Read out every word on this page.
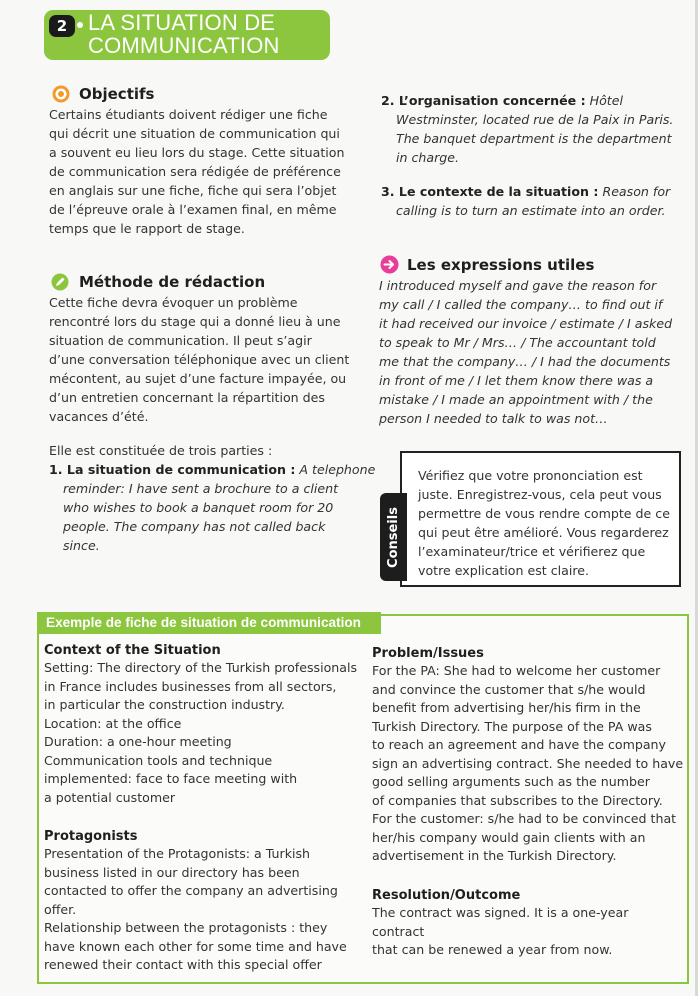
2 LA SITUATION DE
COMMUNICATION
Objectifs
Certains étudiants doivent rédiger une fiche
qui décrit une situation de communication qui
a souvent eu lieu lors du stage. Cette situation
de communication sera rédigée de préférence
en anglais sur une fiche, fiche qui sera l’objet
de l’épreuve orale à l’examen final, en même
temps que le rapport de stage.
Méthode de rédaction
Cette fiche devra évoquer un problème
rencontré lors du stage qui a donné lieu à une
situation de communication. Il peut s’agir
d’une conversation téléphonique avec un client
mécontent, au sujet d’une facture impayée, ou
d’un entretien concernant la répartition des
vacances d’été.
Elle est constituée de trois parties :
1. La situation de communication : A telephone
reminder: I have sent a brochure to a client
who wishes to book a banquet room for 20
people. The company has not called back
since.
2. L’organisation concernée : Hôtel
Westminster, located rue de la Paix in Paris.
The banquet department is the department
in charge.
3. Le contexte de la situation : Reason for
calling is to turn an estimate into an order.
Les expressions utiles
I introduced myself and gave the reason for
my call / I called the company… to find out if
it had received our invoice / estimate / I asked
to speak to Mr / Mrs… / The accountant told
me that the company… / I had the documents
in front of me / I let them know there was a
mistake / I made an appointment with / the
person I needed to talk to was not…
Conseils
Vérifiez que votre prononciation est
juste. Enregistrez-vous, cela peut vous
permettre de vous rendre compte de ce
qui peut être amélioré. Vous regarderez
l’examinateur/trice et vérifierez que
votre explication est claire.
Exemple de fiche de situation de communication
Context of the Situation
Setting: The directory of the Turkish professionals
in France includes businesses from all sectors,
in particular the construction industry.
Location: at the office
Duration: a one-hour meeting
Communication tools and technique
implemented: face to face meeting with
a potential customer
Protagonists
Presentation of the Protagonists: a Turkish
business listed in our directory has been
contacted to offer the company an advertising
offer.
Relationship between the protagonists : they
have known each other for some time and have
renewed their contact with this special offer
Problem/Issues
For the PA: She had to welcome her customer
and convince the customer that s/he would
benefit from advertising her/his firm in the
Turkish Directory. The purpose of the PA was
to reach an agreement and have the company
sign an advertising contract. She needed to have
good selling arguments such as the number
of companies that subscribes to the Directory.
For the customer: s/he had to be convinced that
her/his company would gain clients with an
advertisement in the Turkish Directory.
Resolution/Outcome
The contract was signed. It is a one-year contract
that can be renewed a year from now.
